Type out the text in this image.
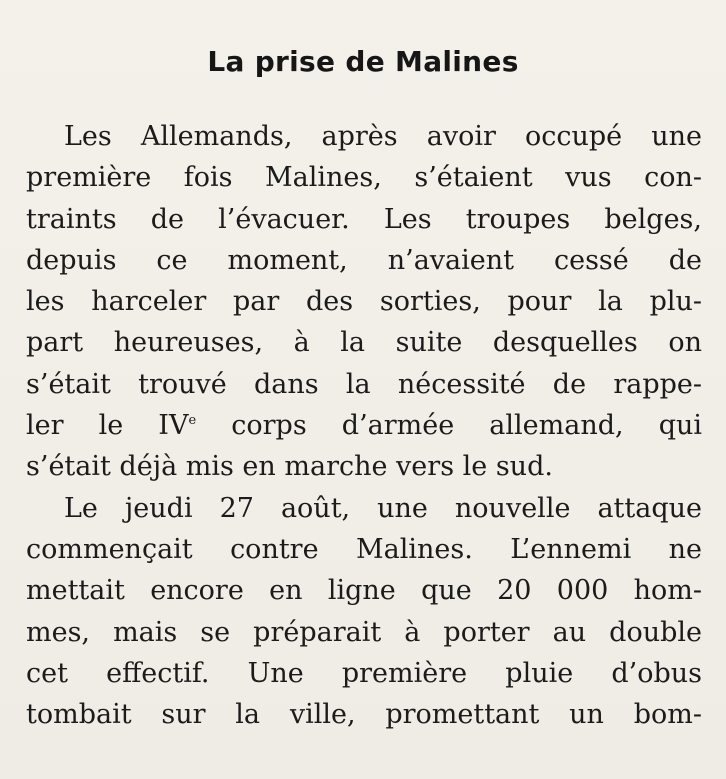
La prise de Malines
Les Allemands, après avoir occupé une
première fois Malines, s’étaient vus con-
traints de l’évacuer. Les troupes belges,
depuis ce moment, n’avaient cessé de
les harceler par des sorties, pour la plu-
part heureuses, à la suite desquelles on
s’était trouvé dans la nécessité de rappe-
ler le IVe corps d’armée allemand, qui
s’était déjà mis en marche vers le sud.
Le jeudi 27 août, une nouvelle attaque
commençait contre Malines. L’ennemi ne
mettait encore en ligne que 20 000 hom-
mes, mais se préparait à porter au double
cet effectif. Une première pluie d’obus
tombait sur la ville, promettant un bom-
